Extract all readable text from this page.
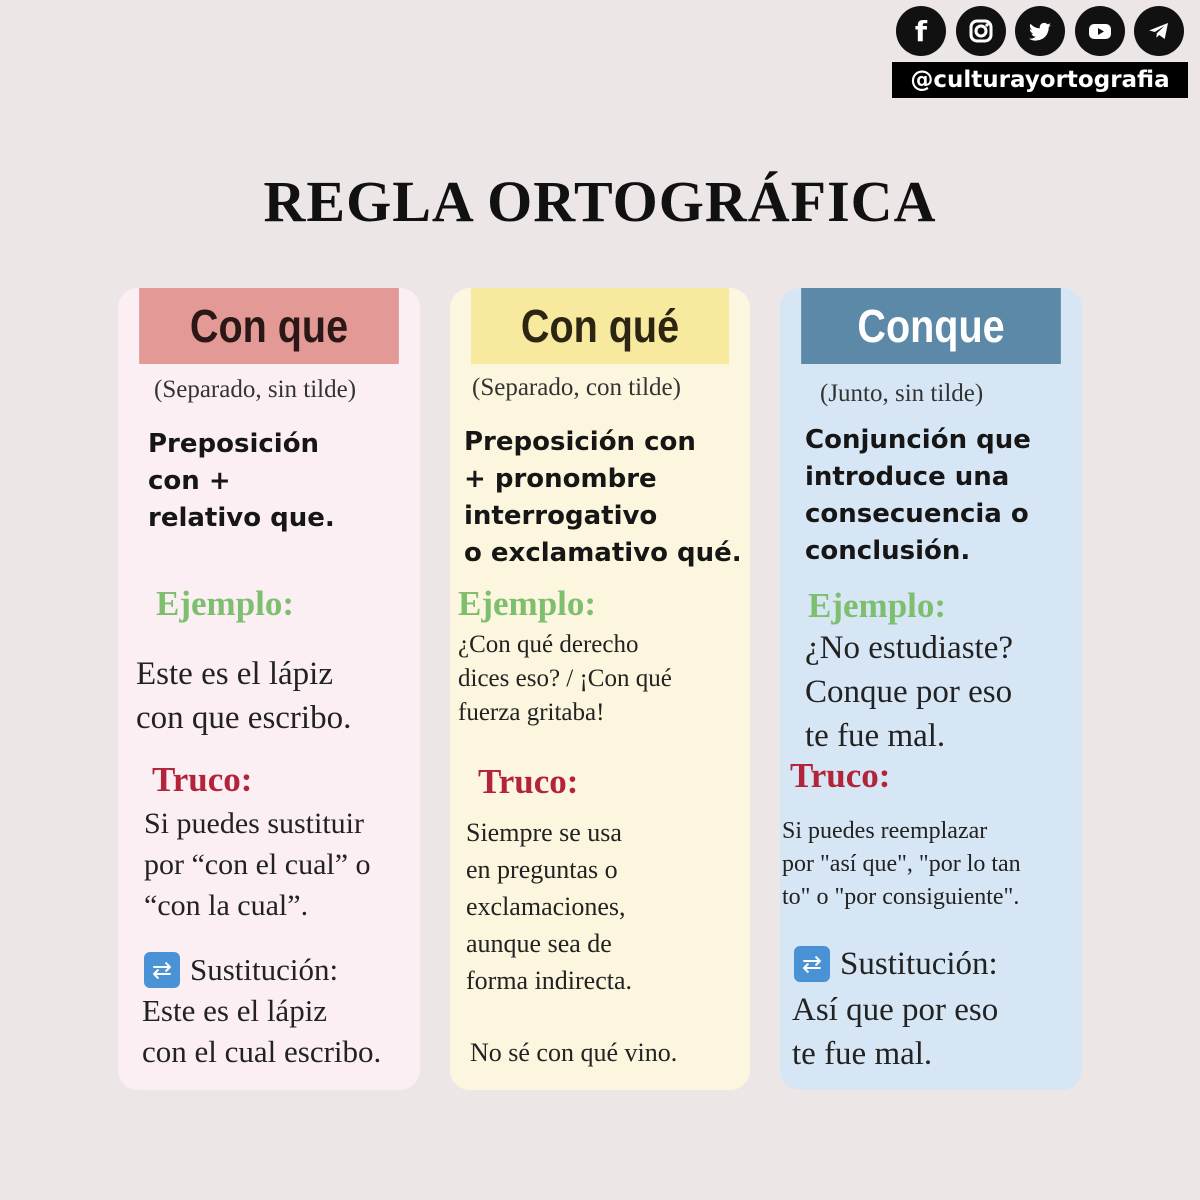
f
@culturayortografia
REGLA ORTOGRÁFICA
Con que
(Separado, sin tilde)
Preposición
con +
relativo que.
Ejemplo:
Este es el lápiz
con que escribo.
Truco:
Si puedes sustituir
por “con el cual” o
“con la cual”.
⇄ Sustitución:
Este es el lápiz
con el cual escribo.
Con qué
(Separado, con tilde)
Preposición con
+ pronombre
interrogativo
o exclamativo qué.
Ejemplo:
¿Con qué derecho
dices eso? / ¡Con qué
fuerza gritaba!
Truco:
Siempre se usa
en preguntas o
exclamaciones,
aunque sea de
forma indirecta.
No sé con qué vino.
Conque
(Junto, sin tilde)
Conjunción que
introduce una
consecuencia o
conclusión.
Ejemplo:
¿No estudiaste?
Conque por eso
te fue mal.
Truco:
Si puedes reemplazar
por "así que", "por lo tan
to" o "por consiguiente".
⇄ Sustitución:
Así que por eso
te fue mal.
